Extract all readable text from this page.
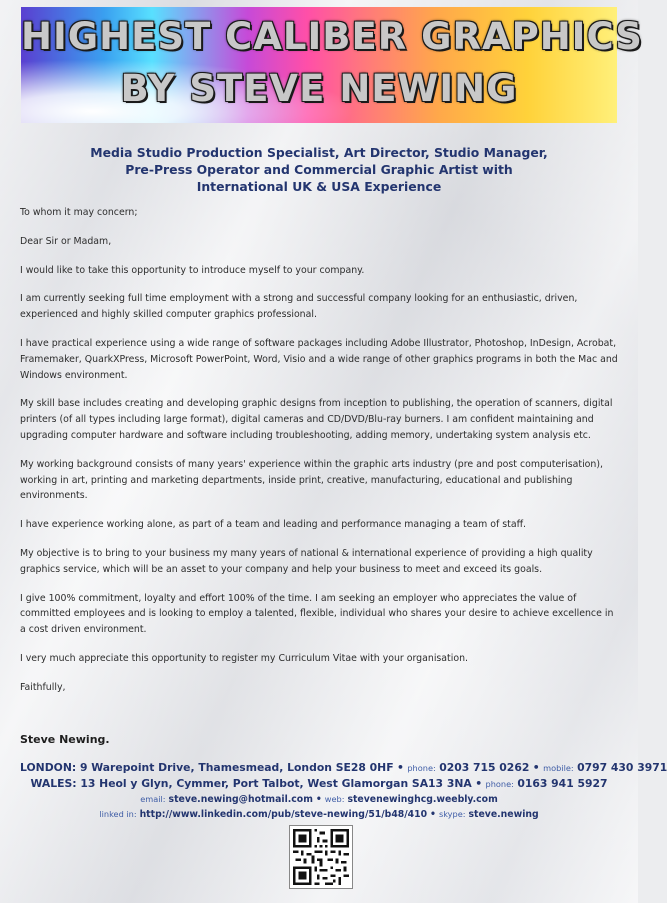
HIGHEST CALIBER GRAPHICS
BY STEVE NEWING
Media Studio Production Specialist, Art Director, Studio Manager,
Pre-Press Operator and Commercial Graphic Artist with
International UK & USA Experience

To whom it may concern;

Dear Sir or Madam,

I would like to take this opportunity to introduce myself to your company.

I am currently seeking full time employment with a strong and successful company looking for an enthusiastic, driven, experienced and highly skilled computer graphics professional.

I have practical experience using a wide range of software packages including Adobe Illustrator, Photoshop, InDesign, Acrobat, Framemaker, QuarkXPress, Microsoft PowerPoint, Word, Visio and a wide range of other graphics programs in both the Mac and Windows environment.

My skill base includes creating and developing graphic designs from inception to publishing, the operation of scanners, digital printers (of all types including large format), digital cameras and CD/DVD/Blu-ray burners. I am confident maintaining and upgrading computer hardware and software including troubleshooting, adding memory, undertaking system analysis etc.

My working background consists of many years' experience within the graphic arts industry (pre and post computerisation), working in art, printing and marketing departments, inside print, creative, manufacturing, educational and publishing environments.

I have experience working alone, as part of a team and leading and performance managing a team of staff.

My objective is to bring to your business my many years of national & international experience of providing a high quality graphics service, which will be an asset to your company and help your business to meet and exceed its goals.

I give 100% commitment, loyalty and effort 100% of the time. I am seeking an employer who appreciates the value of committed employees and is looking to employ a talented, flexible, individual who shares your desire to achieve excellence in a cost driven environment.

I very much appreciate this opportunity to register my Curriculum Vitae with your organisation.

Faithfully,

Steve Newing.
LONDON: 9 Warepoint Drive, Thamesmead, London SE28 0HF • phone: 0203 715 0262 • mobile: 0797 430 3971
WALES: 13 Heol y Glyn, Cymmer, Port Talbot, West Glamorgan SA13 3NA • phone: 0163 941 5927
email: steve.newing@hotmail.com • web: stevenewinghcg.weebly.com
linked in: http://www.linkedin.com/pub/steve-newing/51/b48/410 • skype: steve.newing
